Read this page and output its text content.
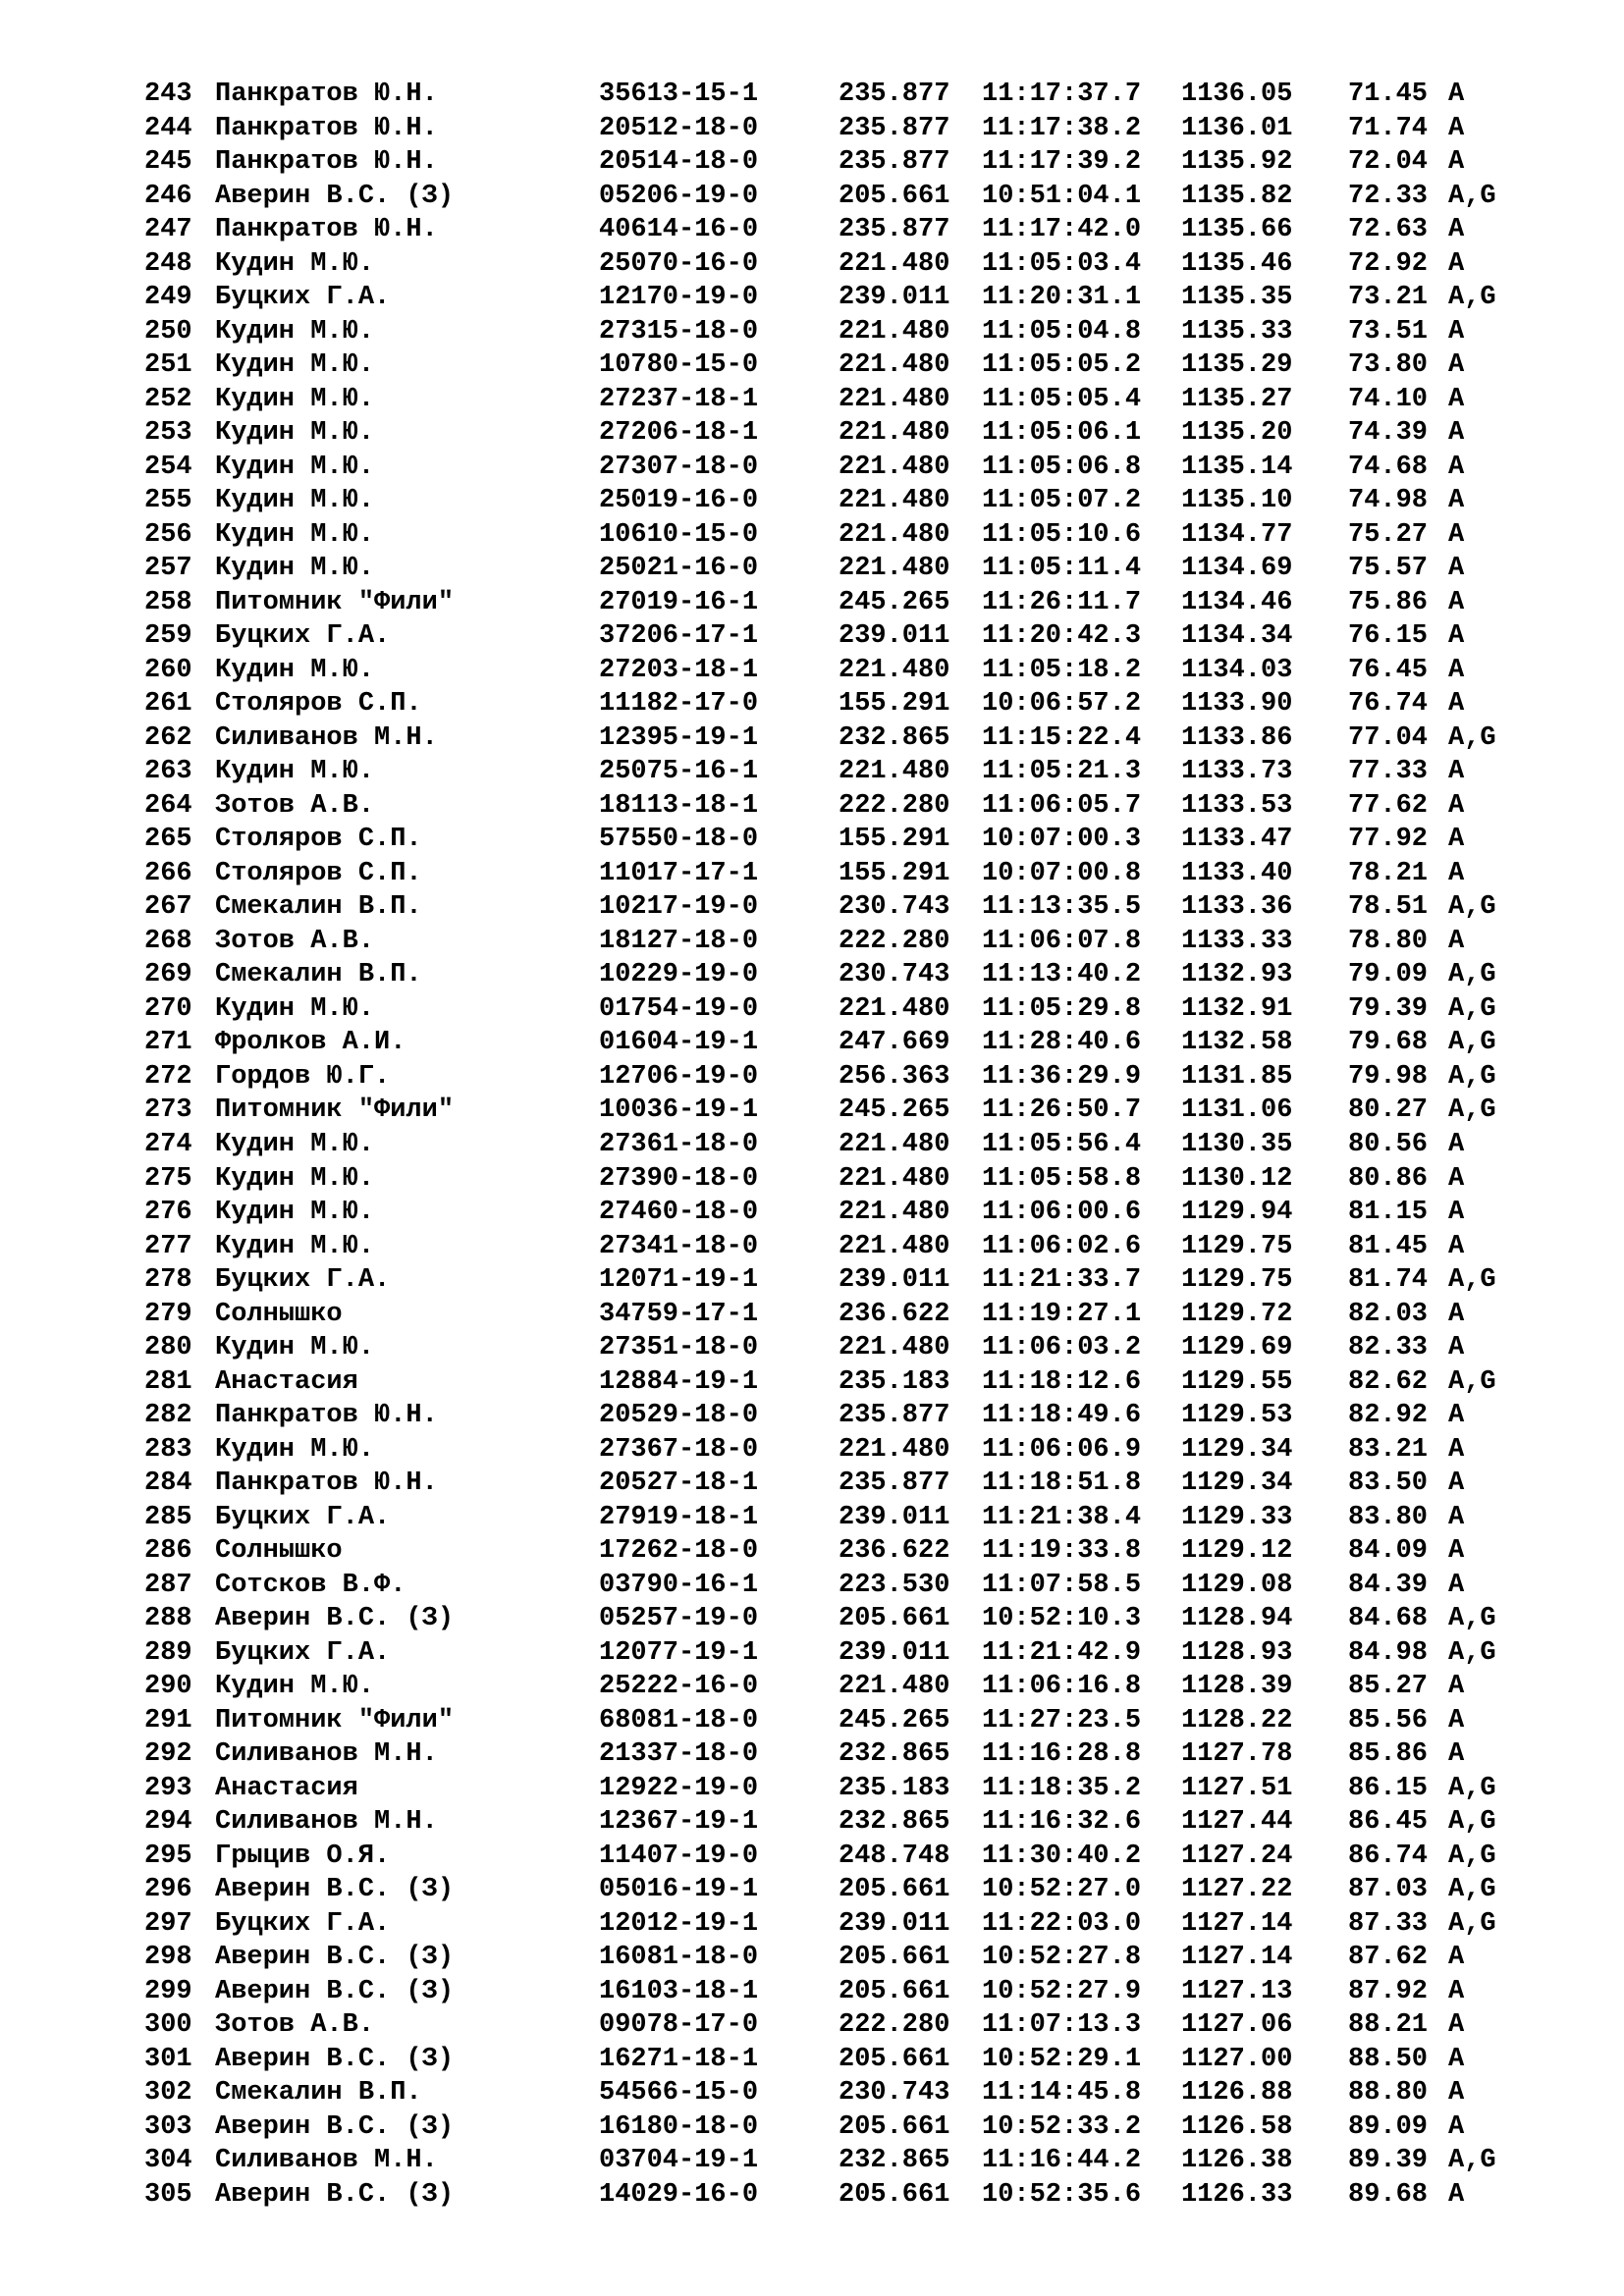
243 Панкратов Ю.Н.	35613-15-1	235.877 11:17:37.7 1136.05 71.45 A
244 Панкратов Ю.Н.	20512-18-0	235.877 11:17:38.2 1136.01 71.74 A
245 Панкратов Ю.Н.	20514-18-0	235.877 11:17:39.2 1135.92 72.04 A
246 Аверин В.С. (З)	05206-19-0	205.661 10:51:04.1 1135.82 72.33 A,G
247 Панкратов Ю.Н.	40614-16-0	235.877 11:17:42.0 1135.66 72.63 A
248 Кудин М.Ю.	25070-16-0	221.480 11:05:03.4 1135.46 72.92 A
249 Буцких Г.А.	12170-19-0	239.011 11:20:31.1 1135.35 73.21 A,G
250 Кудин М.Ю.	27315-18-0	221.480 11:05:04.8 1135.33 73.51 A
251 Кудин М.Ю.	10780-15-0	221.480 11:05:05.2 1135.29 73.80 A
252 Кудин М.Ю.	27237-18-1	221.480 11:05:05.4 1135.27 74.10 A
253 Кудин М.Ю.	27206-18-1	221.480 11:05:06.1 1135.20 74.39 A
254 Кудин М.Ю.	27307-18-0	221.480 11:05:06.8 1135.14 74.68 A
255 Кудин М.Ю.	25019-16-0	221.480 11:05:07.2 1135.10 74.98 A
256 Кудин М.Ю.	10610-15-0	221.480 11:05:10.6 1134.77 75.27 A
257 Кудин М.Ю.	25021-16-0	221.480 11:05:11.4 1134.69 75.57 A
258 Питомник "Фили"	27019-16-1	245.265 11:26:11.7 1134.46 75.86 A
259 Буцких Г.А.	37206-17-1	239.011 11:20:42.3 1134.34 76.15 A
260 Кудин М.Ю.	27203-18-1	221.480 11:05:18.2 1134.03 76.45 A
261 Столяров С.П.	11182-17-0	155.291 10:06:57.2 1133.90 76.74 A
262 Силиванов М.Н.	12395-19-1	232.865 11:15:22.4 1133.86 77.04 A,G
263 Кудин М.Ю.	25075-16-1	221.480 11:05:21.3 1133.73 77.33 A
264 Зотов А.В.	18113-18-1	222.280 11:06:05.7 1133.53 77.62 A
265 Столяров С.П.	57550-18-0	155.291 10:07:00.3 1133.47 77.92 A
266 Столяров С.П.	11017-17-1	155.291 10:07:00.8 1133.40 78.21 A
267 Смекалин В.П.	10217-19-0	230.743 11:13:35.5 1133.36 78.51 A,G
268 Зотов А.В.	18127-18-0	222.280 11:06:07.8 1133.33 78.80 A
269 Смекалин В.П.	10229-19-0	230.743 11:13:40.2 1132.93 79.09 A,G
270 Кудин М.Ю.	01754-19-0	221.480 11:05:29.8 1132.91 79.39 A,G
271 Фролков А.И.	01604-19-1	247.669 11:28:40.6 1132.58 79.68 A,G
272 Гордов Ю.Г.	12706-19-0	256.363 11:36:29.9 1131.85 79.98 A,G
273 Питомник "Фили"	10036-19-1	245.265 11:26:50.7 1131.06 80.27 A,G
274 Кудин М.Ю.	27361-18-0	221.480 11:05:56.4 1130.35 80.56 A
275 Кудин М.Ю.	27390-18-0	221.480 11:05:58.8 1130.12 80.86 A
276 Кудин М.Ю.	27460-18-0	221.480 11:06:00.6 1129.94 81.15 A
277 Кудин М.Ю.	27341-18-0	221.480 11:06:02.6 1129.75 81.45 A
278 Буцких Г.А.	12071-19-1	239.011 11:21:33.7 1129.75 81.74 A,G
279 Солнышко	34759-17-1	236.622 11:19:27.1 1129.72 82.03 A
280 Кудин М.Ю.	27351-18-0	221.480 11:06:03.2 1129.69 82.33 A
281 Анастасия	12884-19-1	235.183 11:18:12.6 1129.55 82.62 A,G
282 Панкратов Ю.Н.	20529-18-0	235.877 11:18:49.6 1129.53 82.92 A
283 Кудин М.Ю.	27367-18-0	221.480 11:06:06.9 1129.34 83.21 A
284 Панкратов Ю.Н.	20527-18-1	235.877 11:18:51.8 1129.34 83.50 A
285 Буцких Г.А.	27919-18-1	239.011 11:21:38.4 1129.33 83.80 A
286 Солнышко	17262-18-0	236.622 11:19:33.8 1129.12 84.09 A
287 Сотсков В.Ф.	03790-16-1	223.530 11:07:58.5 1129.08 84.39 A
288 Аверин В.С. (З)	05257-19-0	205.661 10:52:10.3 1128.94 84.68 A,G
289 Буцких Г.А.	12077-19-1	239.011 11:21:42.9 1128.93 84.98 A,G
290 Кудин М.Ю.	25222-16-0	221.480 11:06:16.8 1128.39 85.27 A
291 Питомник "Фили"	68081-18-0	245.265 11:27:23.5 1128.22 85.56 A
292 Силиванов М.Н.	21337-18-0	232.865 11:16:28.8 1127.78 85.86 A
293 Анастасия	12922-19-0	235.183 11:18:35.2 1127.51 86.15 A,G
294 Силиванов М.Н.	12367-19-1	232.865 11:16:32.6 1127.44 86.45 A,G
295 Грыцив О.Я.	11407-19-0	248.748 11:30:40.2 1127.24 86.74 A,G
296 Аверин В.С. (З)	05016-19-1	205.661 10:52:27.0 1127.22 87.03 A,G
297 Буцких Г.А.	12012-19-1	239.011 11:22:03.0 1127.14 87.33 A,G
298 Аверин В.С. (З)	16081-18-0	205.661 10:52:27.8 1127.14 87.62 A
299 Аверин В.С. (З)	16103-18-1	205.661 10:52:27.9 1127.13 87.92 A
300 Зотов А.В.	09078-17-0	222.280 11:07:13.3 1127.06 88.21 A
301 Аверин В.С. (З)	16271-18-1	205.661 10:52:29.1 1127.00 88.50 A
302 Смекалин В.П.	54566-15-0	230.743 11:14:45.8 1126.88 88.80 A
303 Аверин В.С. (З)	16180-18-0	205.661 10:52:33.2 1126.58 89.09 A
304 Силиванов М.Н.	03704-19-1	232.865 11:16:44.2 1126.38 89.39 A,G
305 Аверин В.С. (З)	14029-16-0	205.661 10:52:35.6 1126.33 89.68 A
